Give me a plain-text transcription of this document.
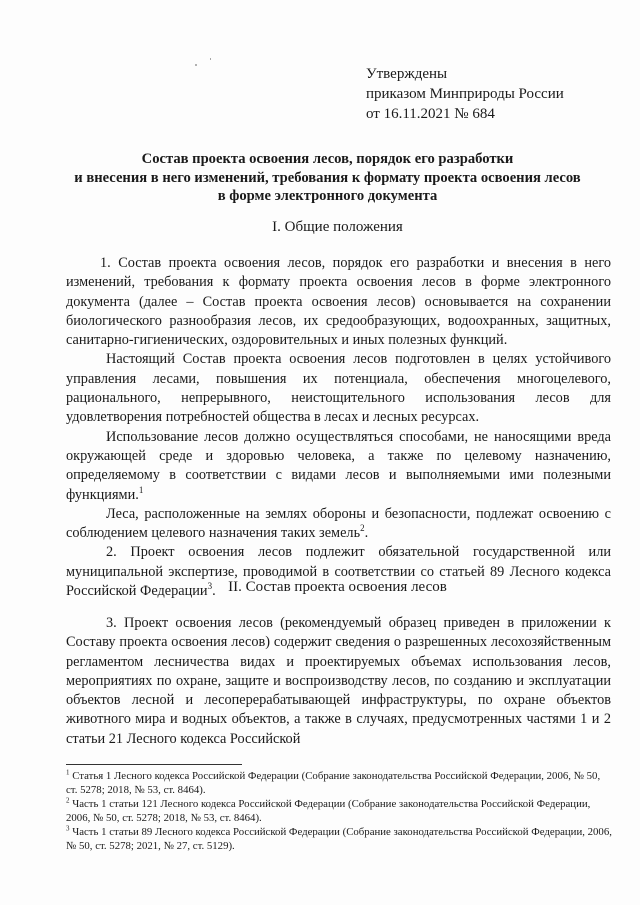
Утверждены
приказом Минприроды России
от 16.11.2021 № 684
Состав проекта освоения лесов, порядок его разработки
и внесения в него изменений, требования к формату проекта освоения лесов
в форме электронного документа
I. Общие положения

1. Состав проекта освоения лесов, порядок его разработки и внесения в него изменений, требования к формату проекта освоения лесов в форме электронного документа (далее – Состав проекта освоения лесов) основывается на сохранении биологического разнообразия лесов, их средообразующих, водоохранных, защитных, санитарно-гигиенических, оздоровительных и иных полезных функций.

Настоящий Состав проекта освоения лесов подготовлен в целях устойчивого управления лесами, повышения их потенциала, обеспечения многоцелевого, рационального, непрерывного, неистощительного использования лесов для удовлетворения потребностей общества в лесах и лесных ресурсах.

Использование лесов должно осуществляться способами, не наносящими вреда окружающей среде и здоровью человека, а также по целевому назначению, определяемому в соответствии с видами лесов и выполняемыми ими полезными функциями.$^1$

Леса, расположенные на землях обороны и безопасности, подлежат освоению с соблюдением целевого назначения таких земель$^2$.

2. Проект освоения лесов подлежит обязательной государственной или муниципальной экспертизе, проводимой в соответствии со статьей 89 Лесного кодекса Российской Федерации$^3$. II. Состав проекта освоения лесов

3. Проект освоения лесов (рекомендуемый образец приведен в приложении к Составу проекта освоения лесов) содержит сведения о разрешенных лесохозяйственным регламентом лесничества видах и проектируемых объемах использования лесов, мероприятиях по охране, защите и воспроизводству лесов, по созданию и эксплуатации объектов лесной и лесоперерабатывающей инфраструктуры, по охране объектов животного мира и водных объектов, а также в случаях, предусмотренных частями 1 и 2 статьи 21 Лесного кодекса Российской

$^1$ Статья 1 Лесного кодекса Российской Федерации (Собрание законодательства Российской Федерации, 2006, № 50, ст. 5278; 2018, № 53, ст. 8464).

$^2$ Часть 1 статьи 121 Лесного кодекса Российской Федерации (Собрание законодательства Российской Федерации, 2006, № 50, ст. 5278; 2018, № 53, ст. 8464).

$^3$ Часть 1 статьи 89 Лесного кодекса Российской Федерации (Собрание законодательства Российской Федерации, 2006, № 50, ст. 5278; 2021, № 27, ст. 5129).
